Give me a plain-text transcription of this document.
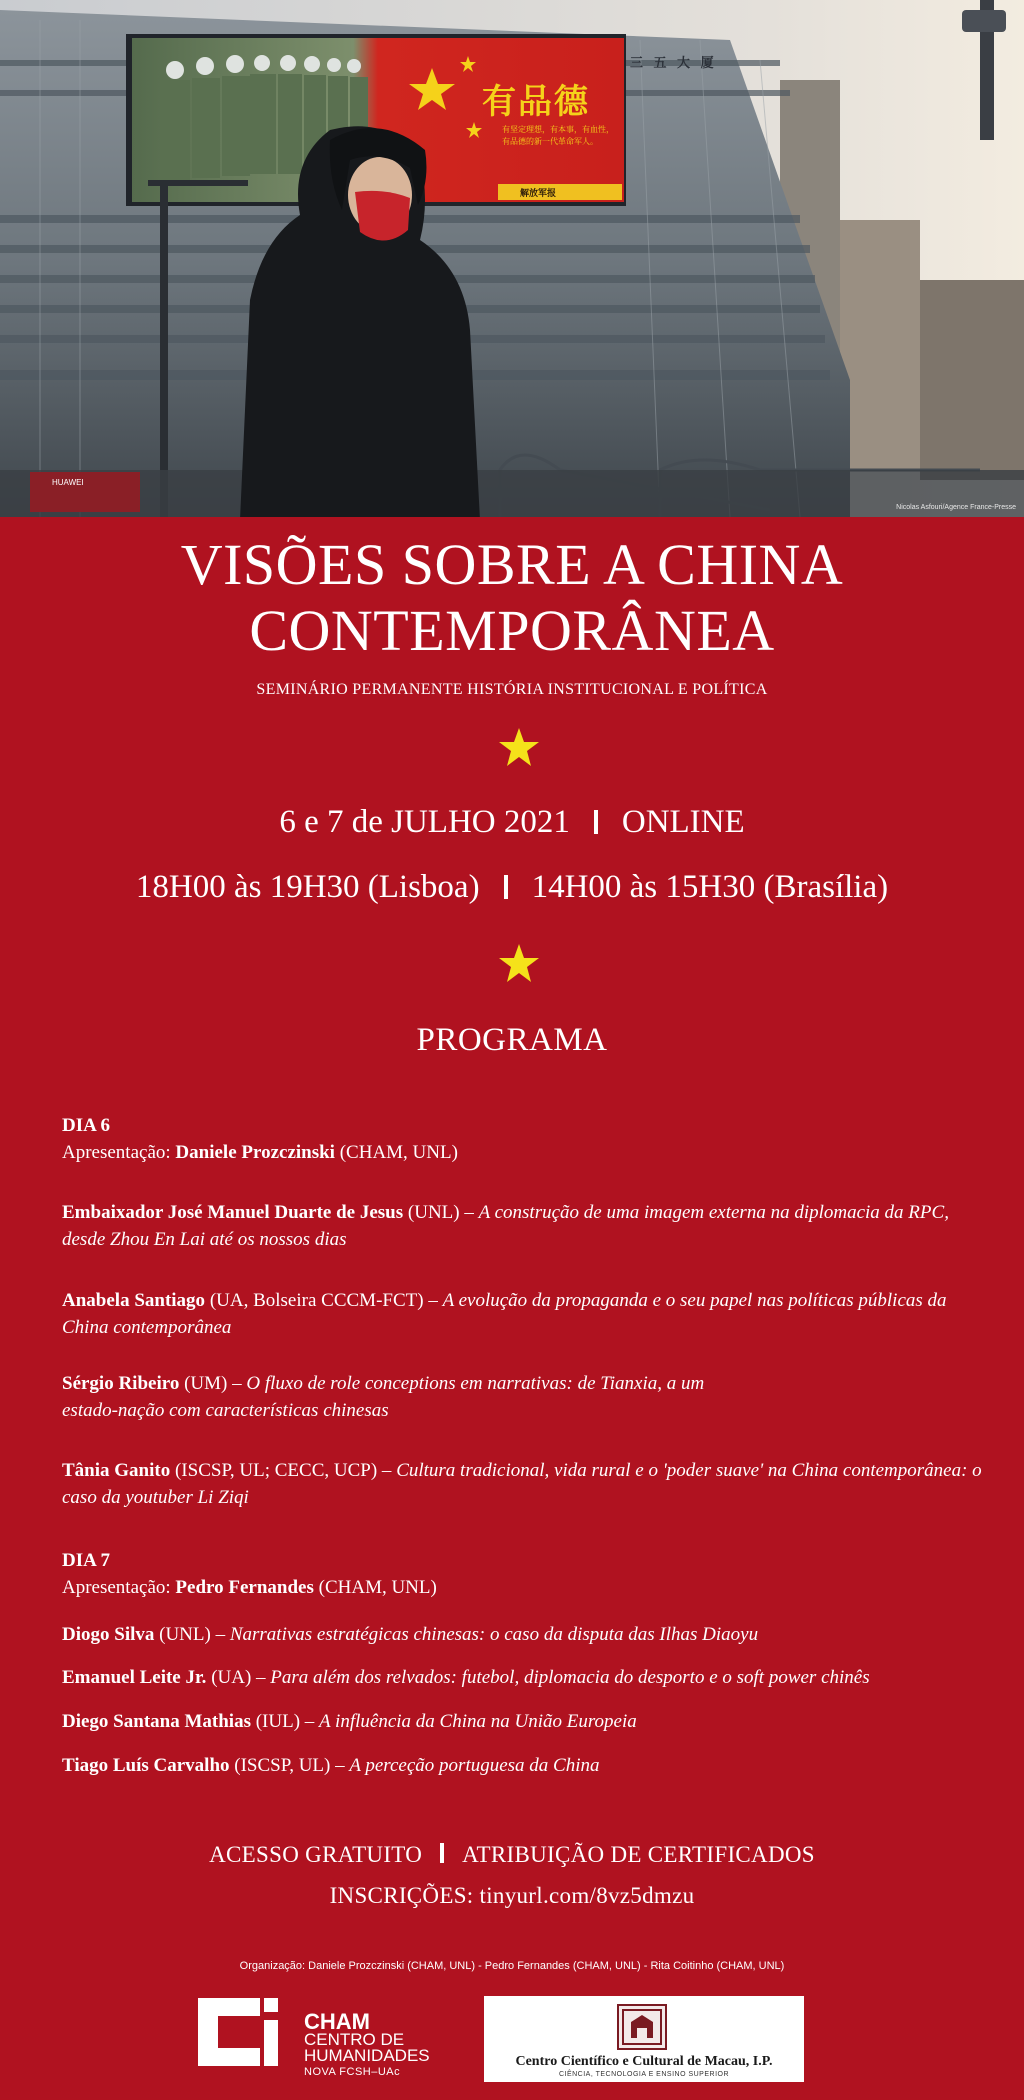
有品德
有坚定理想，有本事，有血性，有品德的新一代革命军人。
三 五 大 厦
解放军报
HUAWEI
Nicolas Asfouri/Agence France-Presse
VISÕES SOBRE A CHINA
CONTEMPORÂNEA
SEMINÁRIO PERMANENTE HISTÓRIA INSTITUCIONAL E POLÍTICA
6 e 7 de JULHO 2021 ONLINE
18H00 às 19H30 (Lisboa) 14H00 às 15H30 (Brasília)
PROGRAMA
DIA 6
Apresentação: Daniele Prozczinski (CHAM, UNL)
Embaixador José Manuel Duarte de Jesus (UNL) – A construção de uma imagem externa na diplomacia da RPC, desde Zhou En Lai até os nossos dias
Anabela Santiago (UA, Bolseira CCCM-FCT) – A evolução da propaganda e o seu papel nas políticas públicas da China contemporânea
Sérgio Ribeiro (UM) – O fluxo de role conceptions em narrativas: de Tianxia, a um
estado-nação com características chinesas
Tânia Ganito (ISCSP, UL; CECC, UCP) – Cultura tradicional, vida rural e o 'poder suave' na China contemporânea: o caso da youtuber Li Ziqi
DIA 7
Apresentação: Pedro Fernandes (CHAM, UNL)
Diogo Silva (UNL) – Narrativas estratégicas chinesas: o caso da disputa das Ilhas Diaoyu
Emanuel Leite Jr. (UA) – Para além dos relvados: futebol, diplomacia do desporto e o soft power chinês
Diego Santana Mathias (IUL) – A influência da China na União Europeia
Tiago Luís Carvalho (ISCSP, UL) – A perceção portuguesa da China
ACESSO GRATUITO ATRIBUIÇÃO DE CERTIFICADOS
INSCRIÇÕES: tinyurl.com/8vz5dmzu
Organização: Daniele Prozczinski (CHAM, UNL) - Pedro Fernandes (CHAM, UNL) - Rita Coitinho (CHAM, UNL)
CHAM
CENTRO DE
HUMANIDADES
NOVA FCSH–UAc
Centro Científico e Cultural de Macau, I.P.
CIÊNCIA, TECNOLOGIA E ENSINO SUPERIOR
